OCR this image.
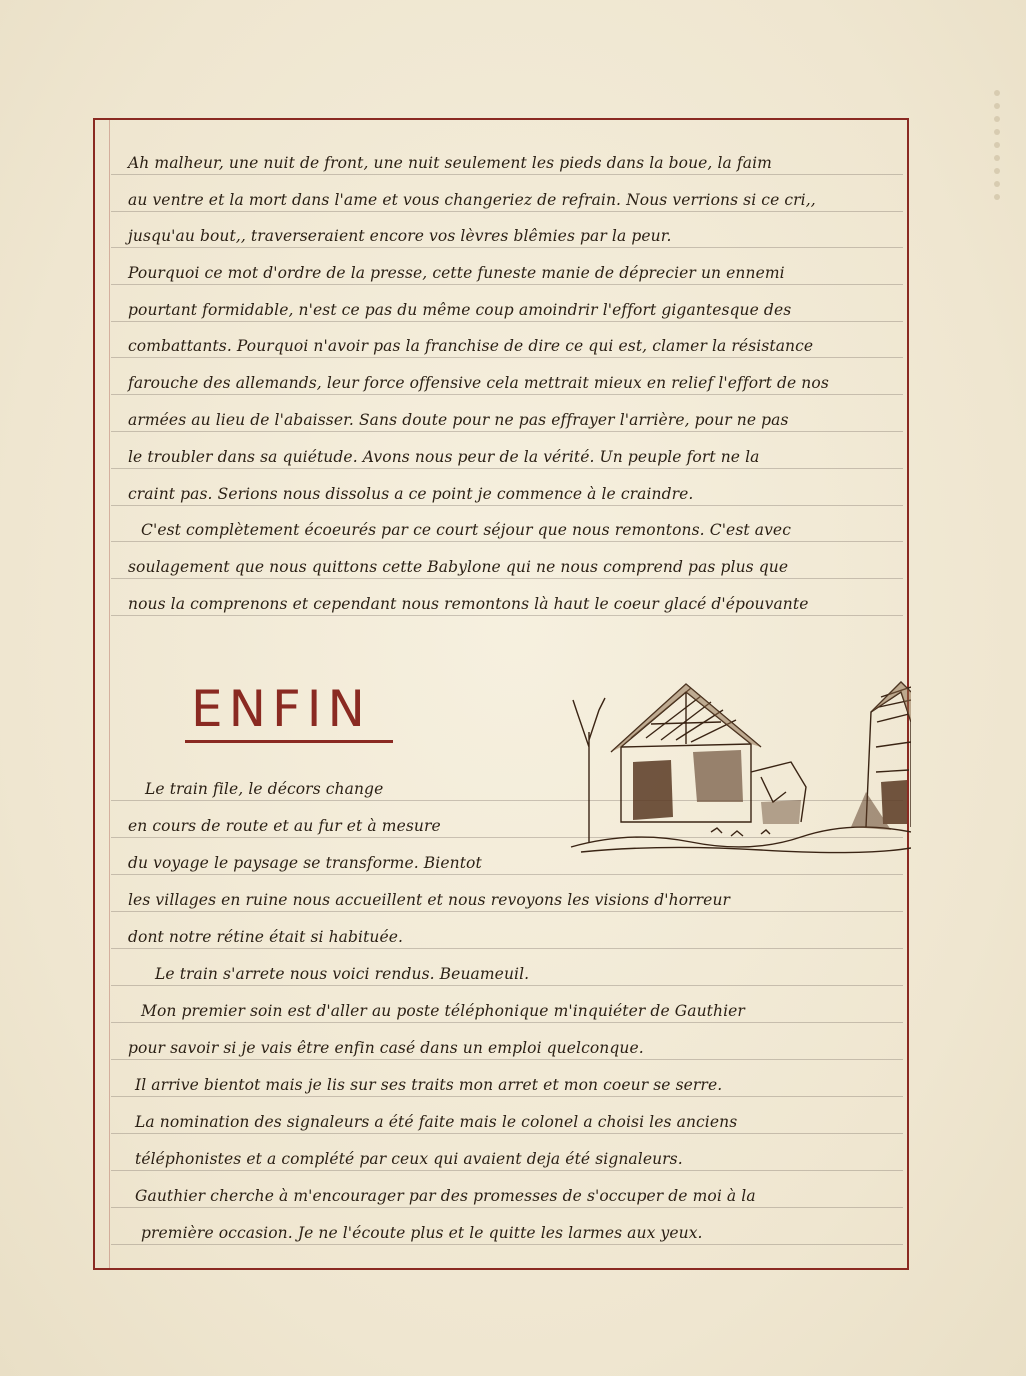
Ah malheur, une nuit de front, une nuit seulement les pieds dans la boue, la faim
au ventre et la mort dans l'ame et vous changeriez de refrain. Nous verrions si ce cri,,
jusqu'au bout,, traverseraient encore vos lèvres blêmies par la peur.
Pourquoi ce mot d'ordre de la presse, cette funeste manie de déprecier un ennemi
pourtant formidable, n'est ce pas du même coup amoindrir l'effort gigantesque des
combattants. Pourquoi n'avoir pas la franchise de dire ce qui est, clamer la résistance
farouche des allemands, leur force offensive cela mettrait mieux en relief l'effort de nos
armées au lieu de l'abaisser. Sans doute pour ne pas effrayer l'arrière, pour ne pas
le troubler dans sa quiétude. Avons nous peur de la vérité. Un peuple fort ne la
craint pas. Serions nous dissolus a ce point je commence à le craindre.
C'est complètement écoeurés par ce court séjour que nous remontons. C'est avec
soulagement que nous quittons cette Babylone qui ne nous comprend pas plus que
nous la comprenons et cependant nous remontons là haut le coeur glacé d'épouvante
ENFIN
Le train file, le décors change
en cours de route et au fur et à mesure
du voyage le paysage se transforme. Bientot
les villages en ruine nous accueillent et nous revoyons les visions d'horreur
dont notre rétine était si habituée.
Le train s'arrete nous voici rendus. Beuameuil.
Mon premier soin est d'aller au poste téléphonique m'inquiéter de Gauthier
pour savoir si je vais être enfin casé dans un emploi quelconque.
Il arrive bientot mais je lis sur ses traits mon arret et mon coeur se serre.
La nomination des signaleurs a été faite mais le colonel a choisi les anciens
téléphonistes et a complété par ceux qui avaient deja été signaleurs.
Gauthier cherche à m'encourager par des promesses de s'occuper de moi à la
première occasion. Je ne l'écoute plus et le quitte les larmes aux yeux.
